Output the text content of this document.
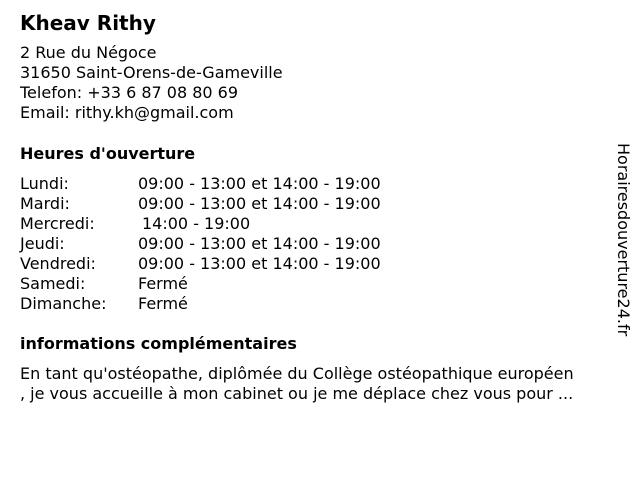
Kheav Rithy
2 Rue du Négoce
31650 Saint-Orens-de-Gameville
Telefon: +33 6 87 08 80 69
Email: rithy.kh@gmail.com
Heures d'ouverture
Lundi:	09:00 - 13:00 et 14:00 - 19:00
Mardi:	09:00 - 13:00 et 14:00 - 19:00
Mercredi:	14:00 - 19:00
Jeudi:	09:00 - 13:00 et 14:00 - 19:00
Vendredi:	09:00 - 13:00 et 14:00 - 19:00
Samedi:	Fermé
Dimanche: Fermé
informations complémentaires
En tant qu'ostéopathe, diplômée du Collège ostéopathique européen
, je vous accueille à mon cabinet ou je me déplace chez vous pour ...
Horairesdouverture24.fr
